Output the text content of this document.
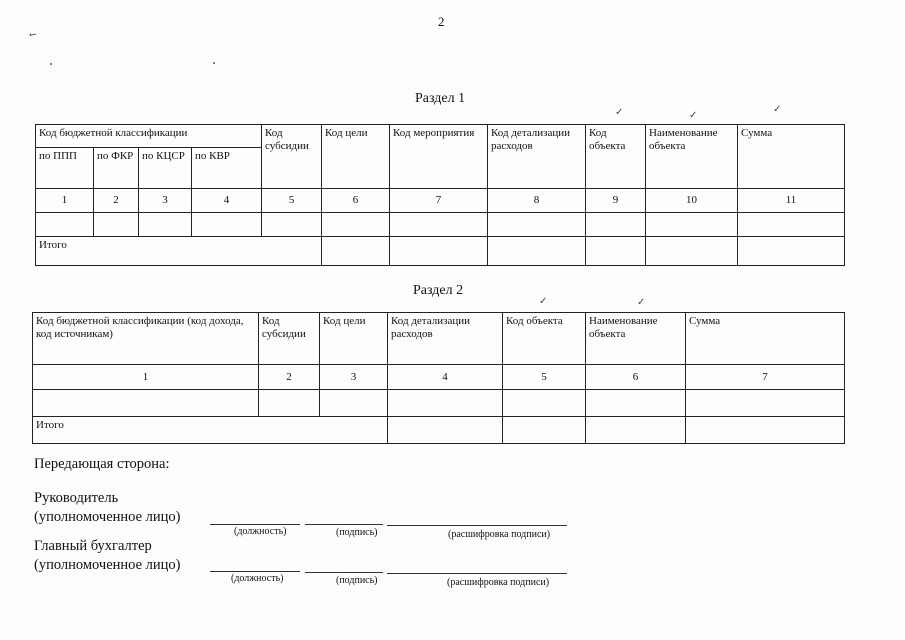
2
✓
Раздел 1
✓	✓
✓
Код бюджетной классификации				Код субсидии	Код цели	Код мероприятия	Код детализации расходов	Код объекта	Наименование объекта	Сумма
по ППП	по ФКР	по КЦСР	по КВР							
1	2	3	4	5	6	7	8	9	10	11

Итого										
Раздел 2
✓	✓
Код бюджетной классификации (код дохода, код источникам)	Код субсидии	Код цели	Код детализации расходов	Код объекта	Наименование объекта	Сумма
1	2	3	4	5	6	7

Итого						
Передающая сторона:
Руководитель
(уполномоченное лицо)
(должность)	(подпись)	(расшифровка подписи)
Главный бухгалтер
(уполномоченное лицо)
(должность)	(подпись)	(расшифровка подписи)
